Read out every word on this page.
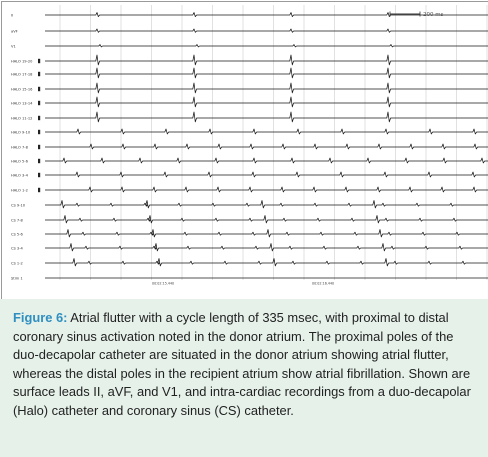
II
aVF
V1
HALO 19-20
HALO 17-18
HALO 15-16
HALO 13-14
HALO 11-12
HALO 9-10
HALO 7-8
HALO 5-6
HALO 3-4
HALO 1-2
CS 9-10
CS 7-8
CS 5-6
CS 3-4
CS 1-2
Stim 1
200 ms
00:02:15.440	00:02:16.440

Figure 6: Atrial flutter with a cycle length of 335 msec, with proximal to distal coronary sinus activation noted in the donor atrium. The proximal poles of the duo-decapolar catheter are situated in the donor atrium showing atrial flutter, whereas the distal poles in the recipient atrium show atrial fibrillation. Shown are surface leads II, aVF, and V1, and intra-cardiac recordings from a duo-decapolar (Halo) catheter and coronary sinus (CS) catheter.
